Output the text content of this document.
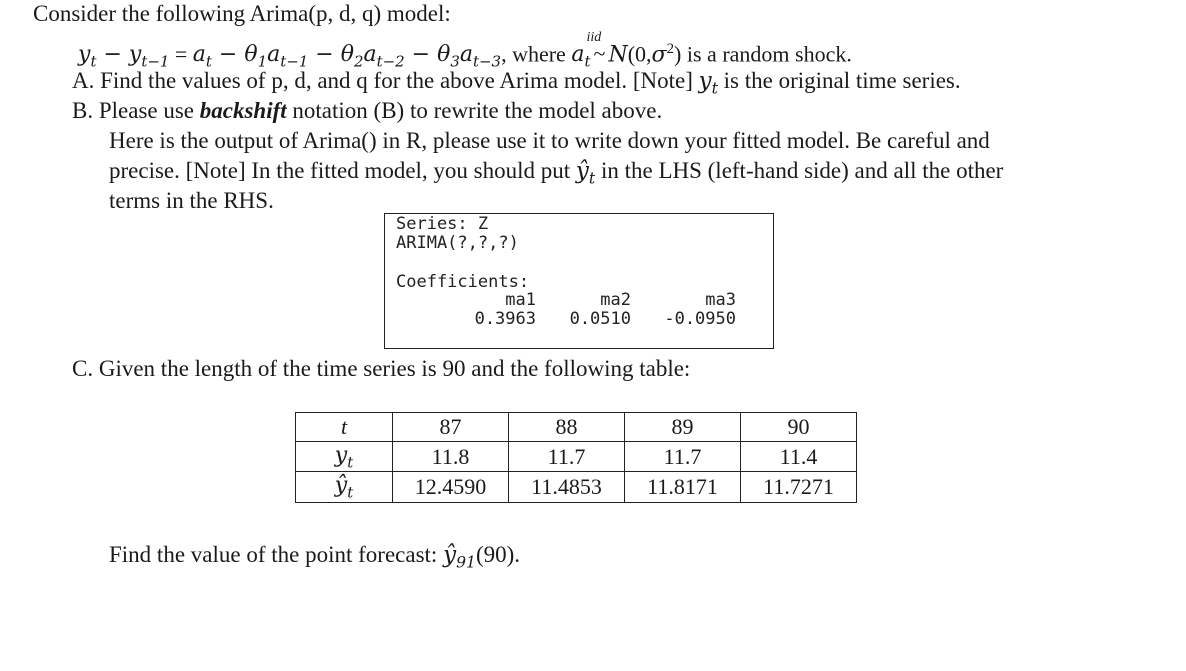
Consider the following Arima(p, d, q) model:
$y_t - y_{t-1} = a_t - \theta_1a_{t-1} - \theta_2a_{t-2} - \theta_3a_{t-3}$, where $a_t$
iid
~ $N(0,\sigma^2)$ is a random shock.
A. Find the values of p, d, and q for the above Arima model. [Note] $y_t$ is the original time series.
B. Please use backshift notation (B) to rewrite the model above.
Here is the output of Arima() in R, please use it to write down your fitted model. Be careful and
precise. [Note] In the fitted model, you should put $ŷ_t$ in the LHS (left-hand side) and all the other
terms in the RHS.
Series: Z
ARIMA(?,?,?)
Coefficients:
ma1	ma2	ma3
0.3963	0.0510	-0.0950
C. Given the length of the time series is 90 and the following table:
t	87	88	89	90
$y_t$	11.8	11.7	11.7	11.4
$ŷ_t$	12.4590	11.4853	11.8171	11.7271
Find the value of the point forecast: $ŷ_{91}(90)$.
